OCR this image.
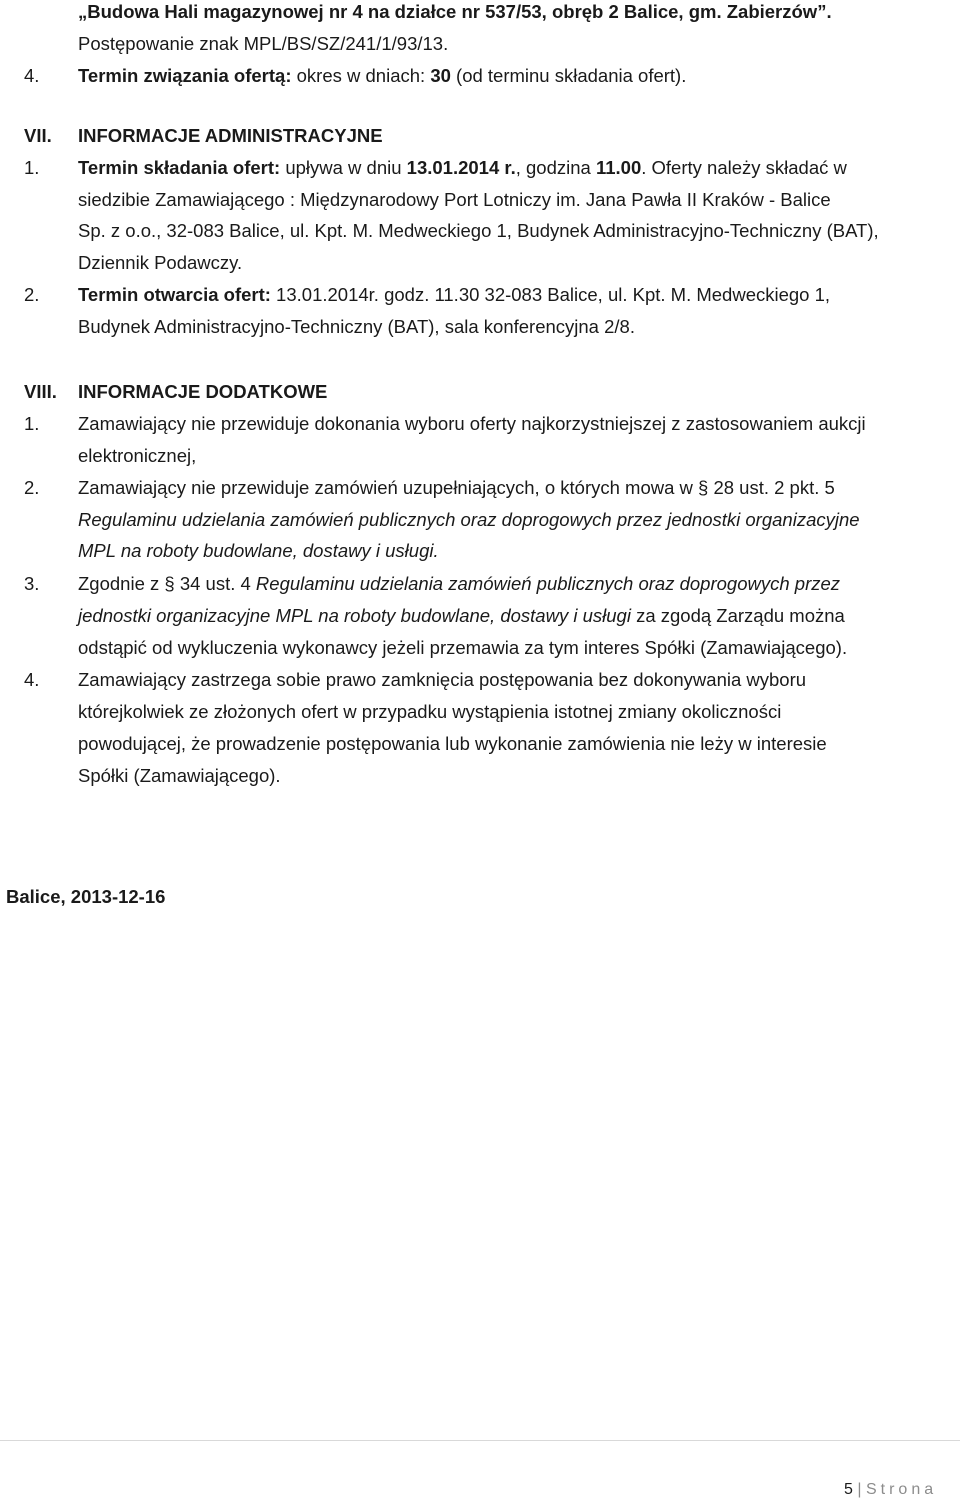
„Budowa Hali magazynowej nr 4 na działce nr 537/53, obręb 2 Balice, gm. Zabierzów”.
Postępowanie znak MPL/BS/SZ/241/1/93/13.
4. Termin związania ofertą: okres w dniach: 30 (od terminu składania ofert).
VII. INFORMACJE ADMINISTRACYJNE
1. Termin składania ofert: upływa w dniu 13.01.2014 r., godzina 11.00. Oferty należy składać w
siedzibie Zamawiającego : Międzynarodowy Port Lotniczy im. Jana Pawła II Kraków - Balice
Sp. z o.o., 32-083 Balice, ul. Kpt. M. Medweckiego 1, Budynek Administracyjno-Techniczny (BAT),
Dziennik Podawczy.
2. Termin otwarcia ofert: 13.01.2014r. godz. 11.30 32-083 Balice, ul. Kpt. M. Medweckiego 1,
Budynek Administracyjno-Techniczny (BAT), sala konferencyjna 2/8.
VIII. INFORMACJE DODATKOWE
1. Zamawiający nie przewiduje dokonania wyboru oferty najkorzystniejszej z zastosowaniem aukcji
elektronicznej,
2. Zamawiający nie przewiduje zamówień uzupełniających, o których mowa w § 28 ust. 2 pkt. 5
Regulaminu udzielania zamówień publicznych oraz doprogowych przez jednostki organizacyjne
MPL na roboty budowlane, dostawy i usługi.
3. Zgodnie z § 34 ust. 4 Regulaminu udzielania zamówień publicznych oraz doprogowych przez
jednostki organizacyjne MPL na roboty budowlane, dostawy i usługi za zgodą Zarządu można
odstąpić od wykluczenia wykonawcy jeżeli przemawia za tym interes Spółki (Zamawiającego).
4. Zamawiający zastrzega sobie prawo zamknięcia postępowania bez dokonywania wyboru
którejkolwiek ze złożonych ofert w przypadku wystąpienia istotnej zmiany okoliczności
powodującej, że prowadzenie postępowania lub wykonanie zamówienia nie leży w interesie
Spółki (Zamawiającego).
Balice, 2013-12-16
5 | Strona
